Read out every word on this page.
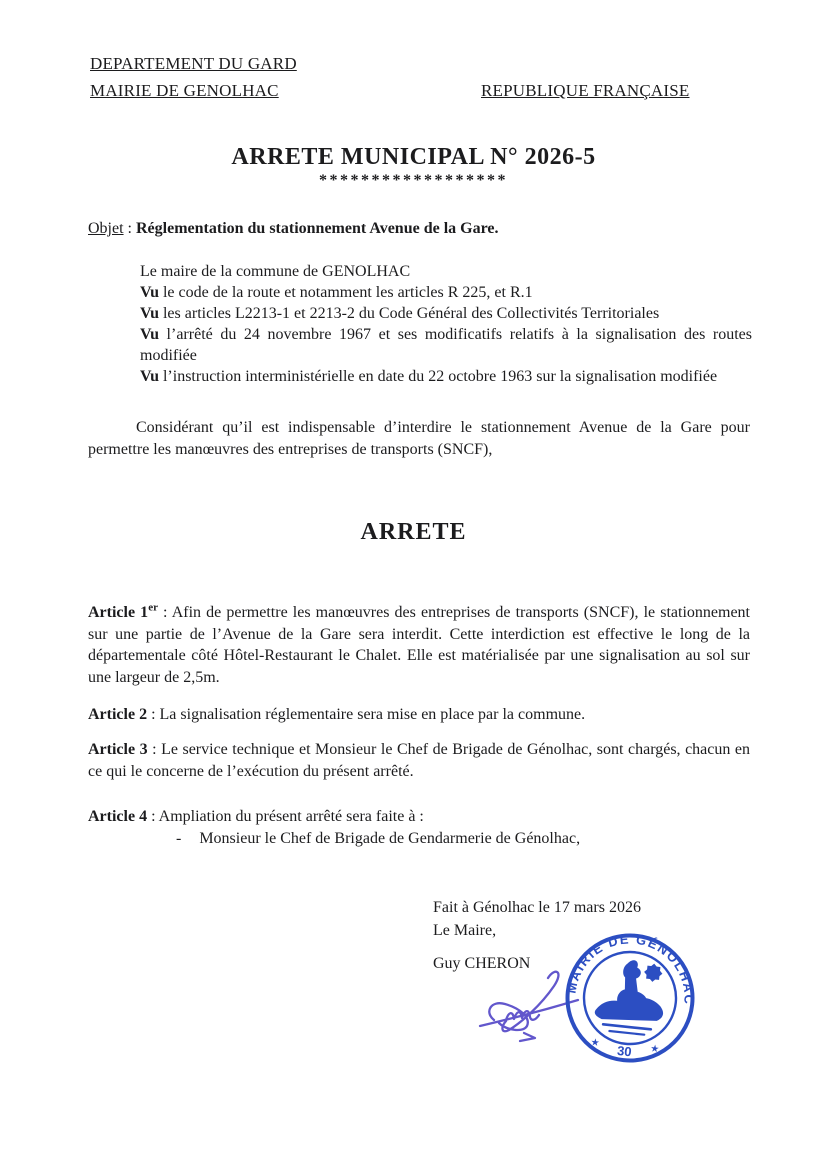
DEPARTEMENT DU GARD
MAIRIE DE GENOLHAC	REPUBLIQUE FRANÇAISE
ARRETE MUNICIPAL N° 2026-5
******************
Objet : Réglementation du stationnement Avenue de la Gare.
Le maire de la commune de GENOLHAC
Vu le code de la route et notamment les articles R 225, et R.1
Vu les articles L2213-1 et 2213-2 du Code Général des Collectivités Territoriales
Vu l’arrêté du 24 novembre 1967 et ses modificatifs relatifs à la signalisation des routes
modifiée
Vu l’instruction interministérielle en date du 22 octobre 1963 sur la signalisation modifiée
Considérant qu’il est indispensable d’interdire le stationnement Avenue de la Gare pour
permettre les manœuvres des entreprises de transports (SNCF),
ARRETE
Article 1er : Afin de permettre les manœuvres des entreprises de transports (SNCF), le stationnement sur une partie de l’Avenue de la Gare sera interdit. Cette interdiction est effective le long de la départementale côté Hôtel-Restaurant le Chalet. Elle est matérialisée par une signalisation au sol sur une largeur de 2,5m.
Article 2 : La signalisation réglementaire sera mise en place par la commune.
Article 3 : Le service technique et Monsieur le Chef de Brigade de Génolhac, sont chargés, chacun en ce qui le concerne de l’exécution du présent arrêté.
Article 4 : Ampliation du présent arrêté sera faite à :
- Monsieur le Chef de Brigade de Gendarmerie de Génolhac,
Fait à Génolhac le 17 mars 2026
Le Maire,
Guy CHERON
MAIRIE DE GÉNOLHAC
30
★
★
